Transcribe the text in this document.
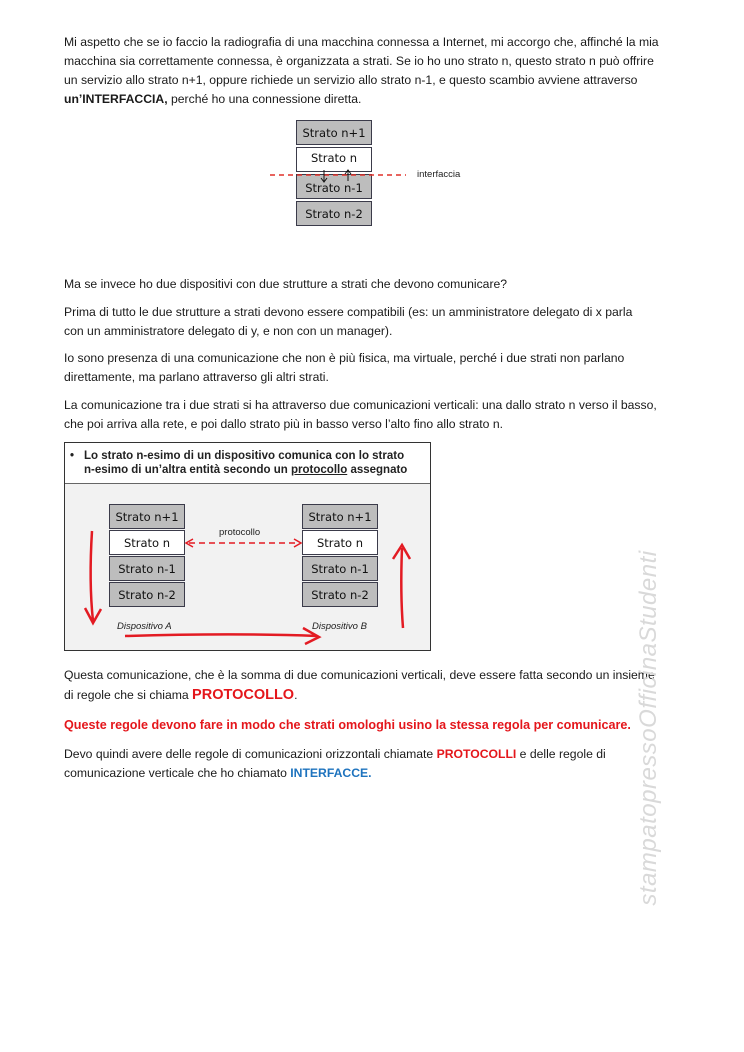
Mi aspetto che se io faccio la radiografia di una macchina connessa a Internet, mi accorgo che, affinché la mia
macchina sia correttamente connessa, è organizzata a strati. Se io ho uno strato n, questo strato n può offrire
un servizio allo strato n+1, oppure richiede un servizio allo strato n-1, e questo scambio avviene attraverso
un’INTERFACCIA, perché ho una connessione diretta.
Strato n+1
Strato n
Strato n-1
Strato n-2
interfaccia
Ma se invece ho due dispositivi con due strutture a strati che devono comunicare?
Prima di tutto le due strutture a strati devono essere compatibili (es: un amministratore delegato di x parla
con un amministratore delegato di y, e non con un manager).
Io sono presenza di una comunicazione che non è più fisica, ma virtuale, perché i due strati non parlano
direttamente, ma parlano attraverso gli altri strati.
La comunicazione tra i due strati si ha attraverso due comunicazioni verticali: una dallo strato n verso il basso,
che poi arriva alla rete, e poi dallo strato più in basso verso l’alto fino allo strato n.
• Lo strato n-esimo di un dispositivo comunica con lo strato
n-esimo di un’altra entità secondo un protocollo assegnato
Strato n+1
Strato n
Strato n-1
Strato n-2
Strato n+1
Strato n
Strato n-1
Strato n-2
protocollo
Dispositivo A	Dispositivo B
Questa comunicazione, che è la somma di due comunicazioni verticali, deve essere fatta secondo un insieme
di regole che si chiama PROTOCOLLO.
Queste regole devono fare in modo che strati omologhi usino la stessa regola per comunicare.
Devo quindi avere delle regole di comunicazioni orizzontali chiamate PROTOCOLLI e delle regole di
comunicazione verticale che ho chiamato INTERFACCE.	stampatopressoOfficinaStudenti
